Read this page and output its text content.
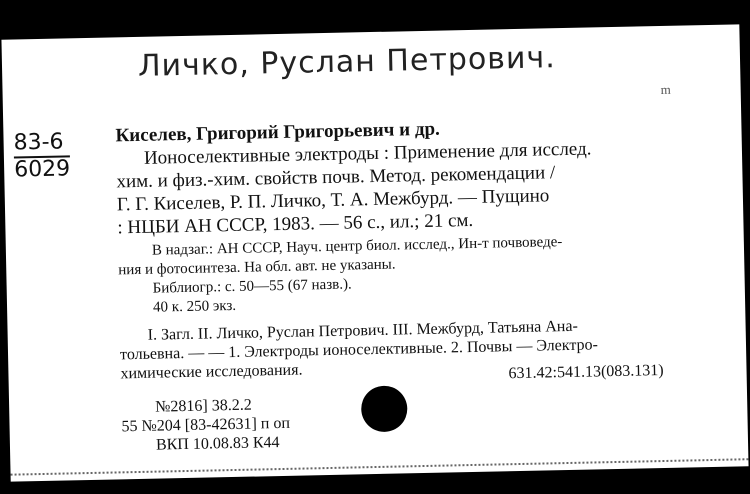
Личко, Руслан Петрович.
m
83-6
6029
Киселев, Григорий Григорьевич и др.
Ионоселективные электроды : Применение для исслед.
хим. и физ.-хим. свойств почв. Метод. рекомендации /
Г. Г. Киселев, Р. П. Личко, Т. А. Межбурд. — Пущино
: НЦБИ АН СССР, 1983. — 56 с., ил.; 21 см.
В надзаг.: АН СССР, Науч. центр биол. исслед., Ин-т почвоведе-
ния и фотосинтеза. На обл. авт. не указаны.
Библиогр.: с. 50—55 (67 назв.).
40 к. 250 экз.
I. Загл. II. Личко, Руслан Петрович. III. Межбурд, Татьяна Ана-
тольевна. — — 1. Электроды ионоселективные. 2. Почвы — Электро-
химические исследования.	631.42:541.13(083.131)
№2816] 38.2.2
55 №204 [83-42631] п оп
ВКП 10.08.83 К44
